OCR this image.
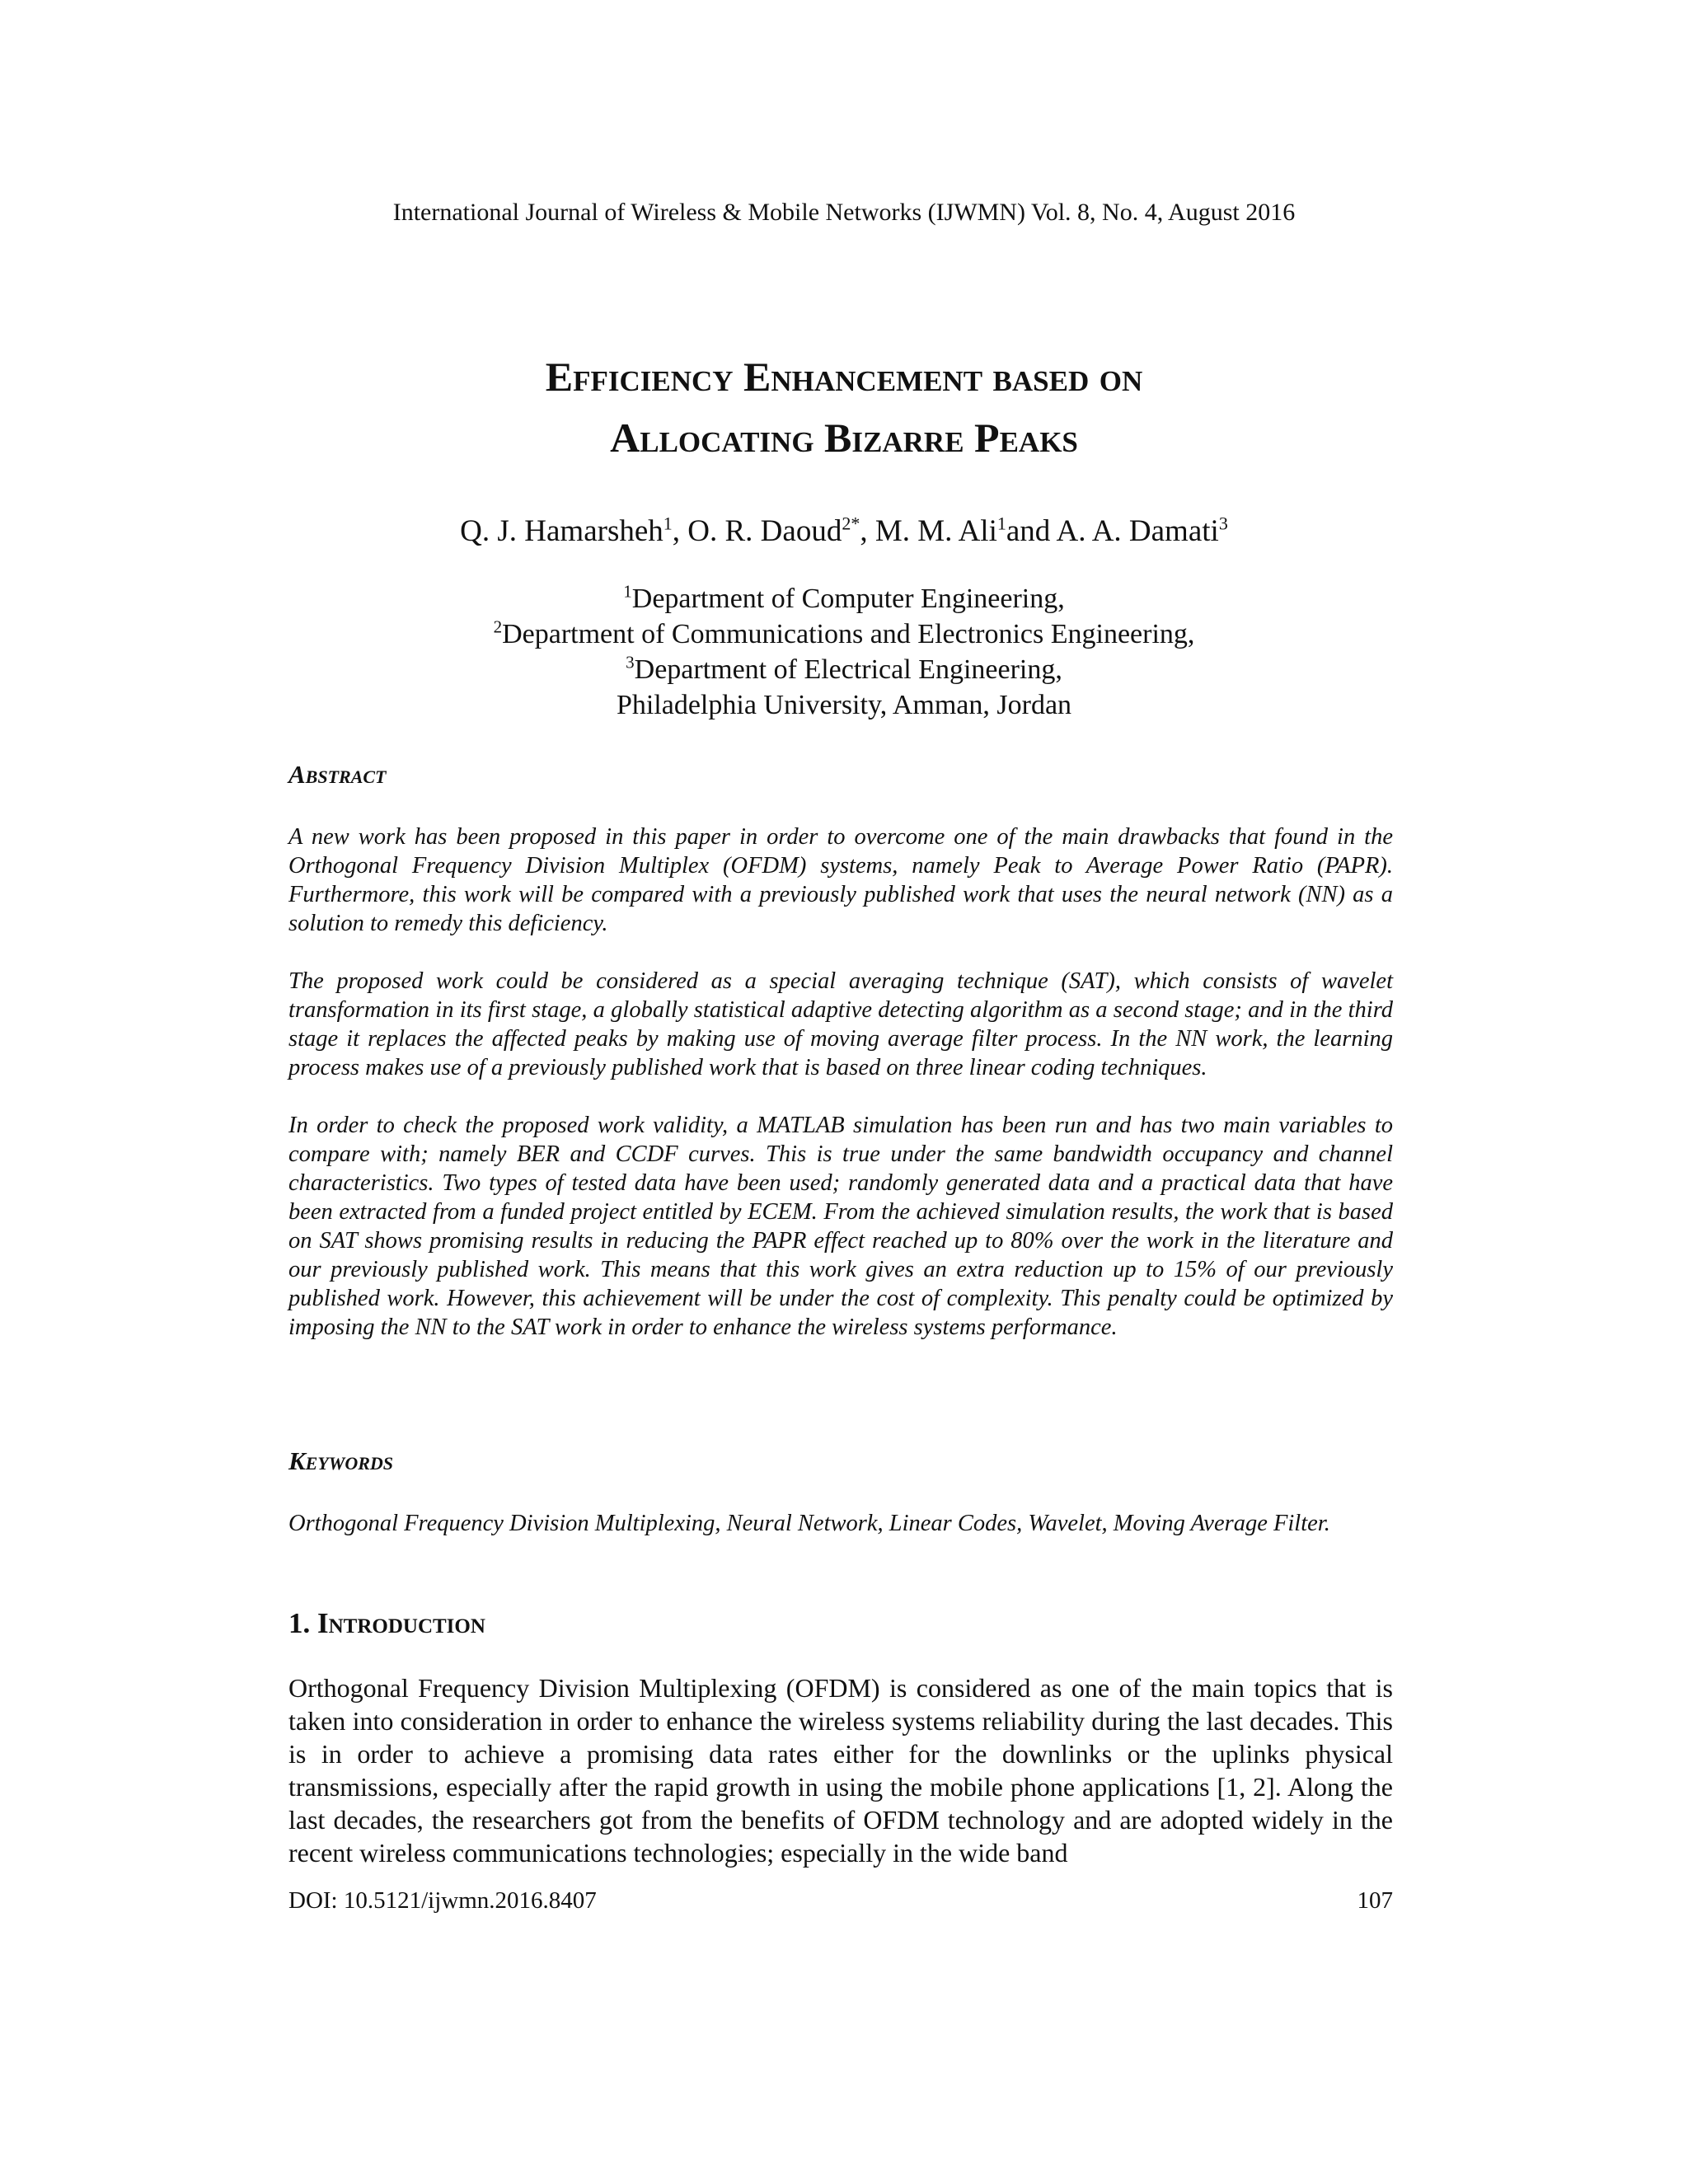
International Journal of Wireless & Mobile Networks (IJWMN) Vol. 8, No. 4, August 2016
Efficiency Enhancement based on
Allocating Bizarre Peaks
Q. J. Hamarsheh$^1$, O. R. Daoud$^{2*}$, M. M. Ali$^1$and A. A. Damati$^3$
$^1$Department of Computer Engineering,
$^2$Department of Communications and Electronics Engineering,
$^3$Department of Electrical Engineering,
Philadelphia University, Amman, Jordan
Abstract

A new work has been proposed in this paper in order to overcome one of the main drawbacks that found in the Orthogonal Frequency Division Multiplex (OFDM) systems, namely Peak to Average Power Ratio (PAPR). Furthermore, this work will be compared with a previously published work that uses the neural network (NN) as a solution to remedy this deficiency.

The proposed work could be considered as a special averaging technique (SAT), which consists of wavelet transformation in its first stage, a globally statistical adaptive detecting algorithm as a second stage; and in the third stage it replaces the affected peaks by making use of moving average filter process. In the NN work, the learning process makes use of a previously published work that is based on three linear coding techniques.

In order to check the proposed work validity, a MATLAB simulation has been run and has two main variables to compare with; namely BER and CCDF curves. This is true under the same bandwidth occupancy and channel characteristics. Two types of tested data have been used; randomly generated data and a practical data that have been extracted from a funded project entitled by ECEM. From the achieved simulation results, the work that is based on SAT shows promising results in reducing the PAPR effect reached up to 80% over the work in the literature and our previously published work. This means that this work gives an extra reduction up to 15% of our previously published work. However, this achievement will be under the cost of complexity. This penalty could be optimized by imposing the NN to the SAT work in order to enhance the wireless systems performance.

Keywords

Orthogonal Frequency Division Multiplexing, Neural Network, Linear Codes, Wavelet, Moving Average Filter.

1. Introduction

Orthogonal Frequency Division Multiplexing (OFDM) is considered as one of the main topics that is taken into consideration in order to enhance the wireless systems reliability during the last decades. This is in order to achieve a promising data rates either for the downlinks or the uplinks physical transmissions, especially after the rapid growth in using the mobile phone applications [1, 2]. Along the last decades, the researchers got from the benefits of OFDM technology and are adopted widely in the recent wireless communications technologies; especially in the wide band

DOI: 10.5121/ijwmn.2016.8407	107
